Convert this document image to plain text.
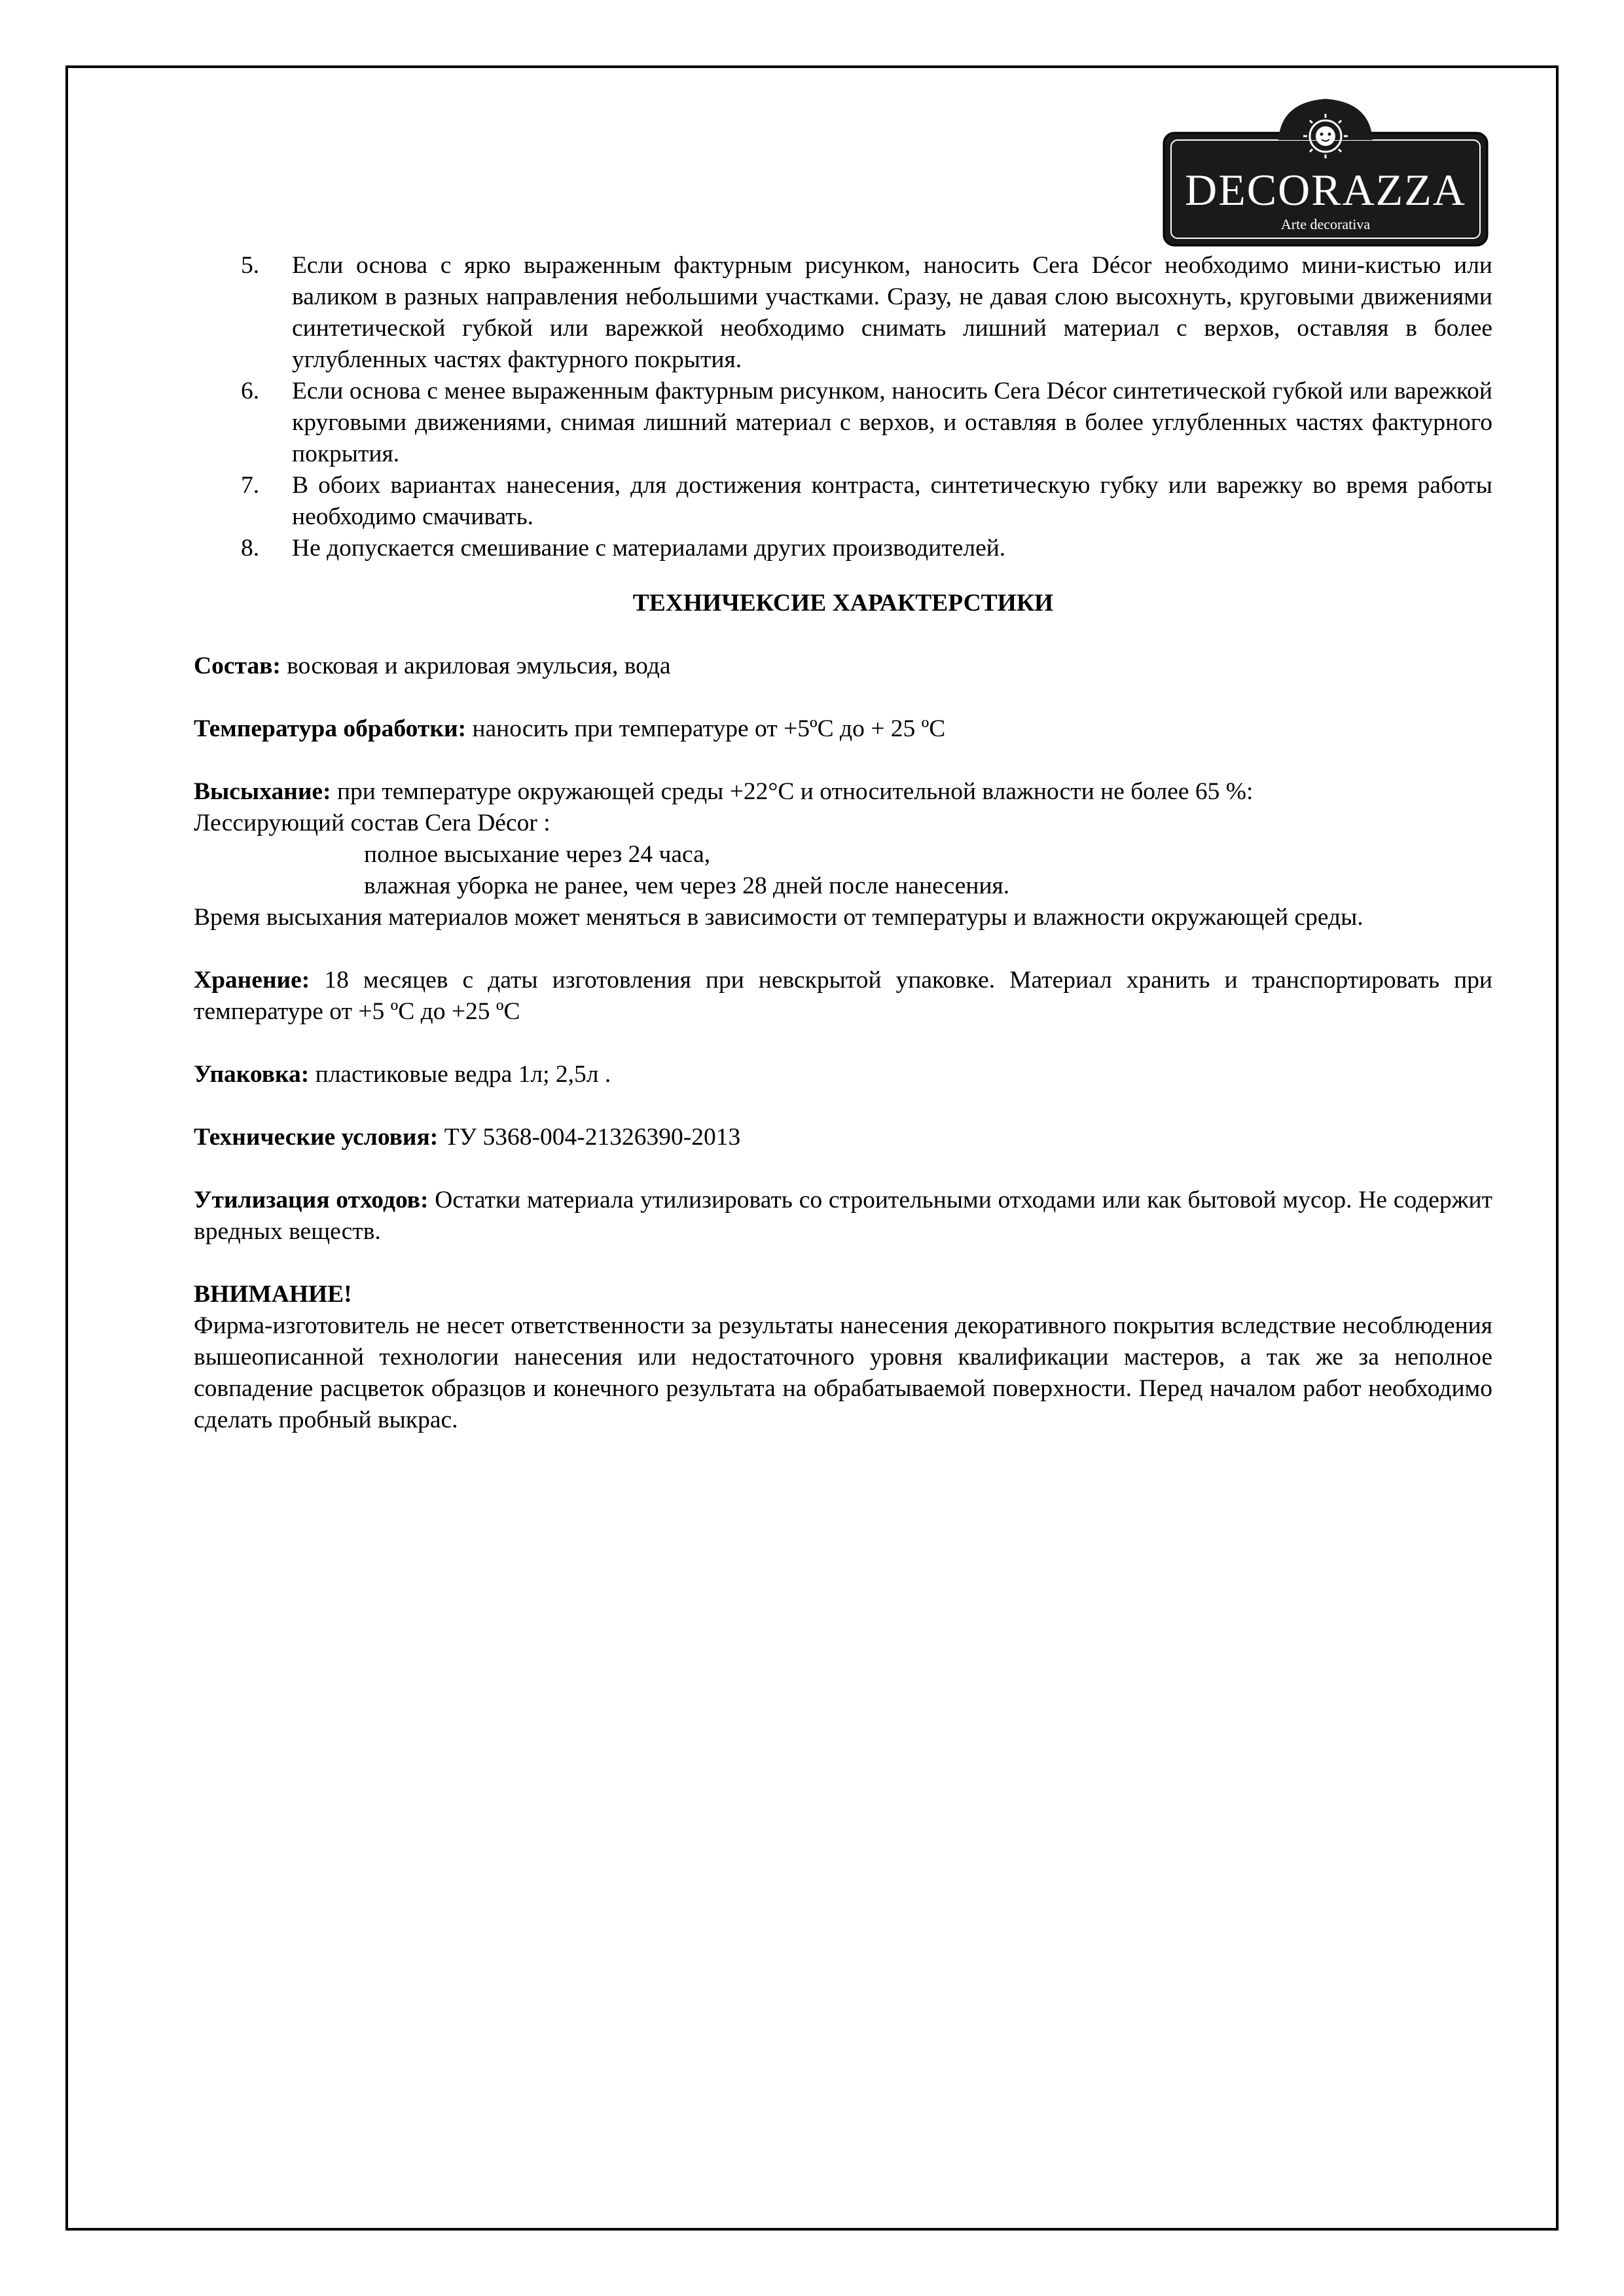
DECORAZZA
Arte decorativa
5. Если основа с ярко выраженным фактурным рисунком, наносить Cera Décor необходимо мини-кистью или валиком в разных направления небольшими участками. Сразу, не давая слою высохнуть, круговыми движениями синтетической губкой или варежкой необходимо снимать лишний материал с верхов, оставляя в более углубленных частях фактурного покрытия.
6. Если основа с менее выраженным фактурным рисунком, наносить Cera Décor синтетической губкой или варежкой круговыми движениями, снимая лишний материал с верхов, и оставляя в более углубленных частях фактурного покрытия.
7. В обоих вариантах нанесения, для достижения контраста, синтетическую губку или варежку во время работы необходимо смачивать.
8. Не допускается смешивание с материалами других производителей.
ТЕХНИЧЕКСИЕ ХАРАКТЕРСТИКИ

Состав: восковая и акриловая эмульсия, вода

Температура обработки: наносить при температуре от +5ºС до + 25 ºС

Высыхание: при температуре окружающей среды +22°С и относительной влажности не более 65 %:
Лессирующий состав Cera Décor :
полное высыхание через 24 часа,
влажная уборка не ранее, чем через 28 дней после нанесения.
Время высыхания материалов может меняться в зависимости от температуры и влажности окружающей среды.

Хранение: 18 месяцев с даты изготовления при невскрытой упаковке. Материал хранить и транспортировать при температуре от +5 ºС до +25 ºС

Упаковка: пластиковые ведра 1л; 2,5л .

Технические условия: ТУ 5368-004-21326390-2013

Утилизация отходов: Остатки материала утилизировать со строительными отходами или как бытовой мусор. Не содержит вредных веществ.

ВНИМАНИЕ!
Фирма-изготовитель не несет ответственности за результаты нанесения декоративного покрытия вследствие несоблюдения вышеописанной технологии нанесения или недостаточного уровня квалификации мастеров, а так же за неполное совпадение расцветок образцов и конечного результата на обрабатываемой поверхности. Перед началом работ необходимо сделать пробный выкрас.
